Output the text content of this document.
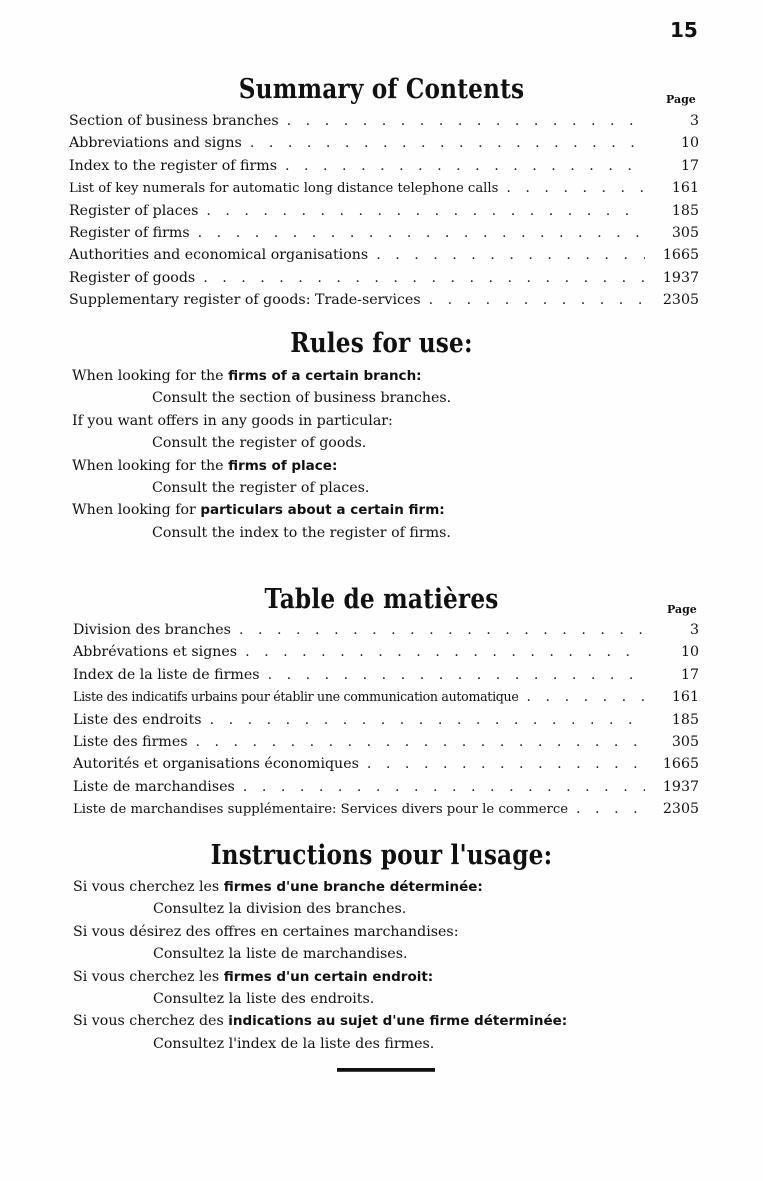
15
Summary of Contents	Page
Section of business branches . . .	3
Abbreviations and signs . . .	10
Index to the register of firms . . .	17
List of key numerals for automatic long distance telephone calls . . .	161
Register of places . . .	185
Register of firms . . .	305
Authorities and economical organisations . . .	1665
Register of goods . . .	1937
Supplementary register of goods: Trade-services . . .	2305
Rules for use:
When looking for the firms of a certain branch:
Consult the section of business branches.
If you want offers in any goods in particular:
Consult the register of goods.
When looking for the firms of place:
Consult the register of places.
When looking for particulars about a certain firm:
Consult the index to the register of firms.
Table de matières	Page
Division des branches . . .	3
Abbrévations et signes . . .	10
Index de la liste de firmes . . .	17
Liste des indicatifs urbains pour établir une communication automatique . . .	161
Liste des endroits . . .	185
Liste des firmes . . .	305
Autorités et organisations économiques . . .	1665
Liste de marchandises . . .	1937
Liste de marchandises supplémentaire: Services divers pour le commerce . . .	2305
Instructions pour l'usage:
Si vous cherchez les firmes d'une branche déterminée:
Consultez la division des branches.
Si vous désirez des offres en certaines marchandises:
Consultez la liste de marchandises.
Si vous cherchez les firmes d'un certain endroit:
Consultez la liste des endroits.
Si vous cherchez des indications au sujet d'une firme déterminée:
Consultez l'index de la liste des firmes.
